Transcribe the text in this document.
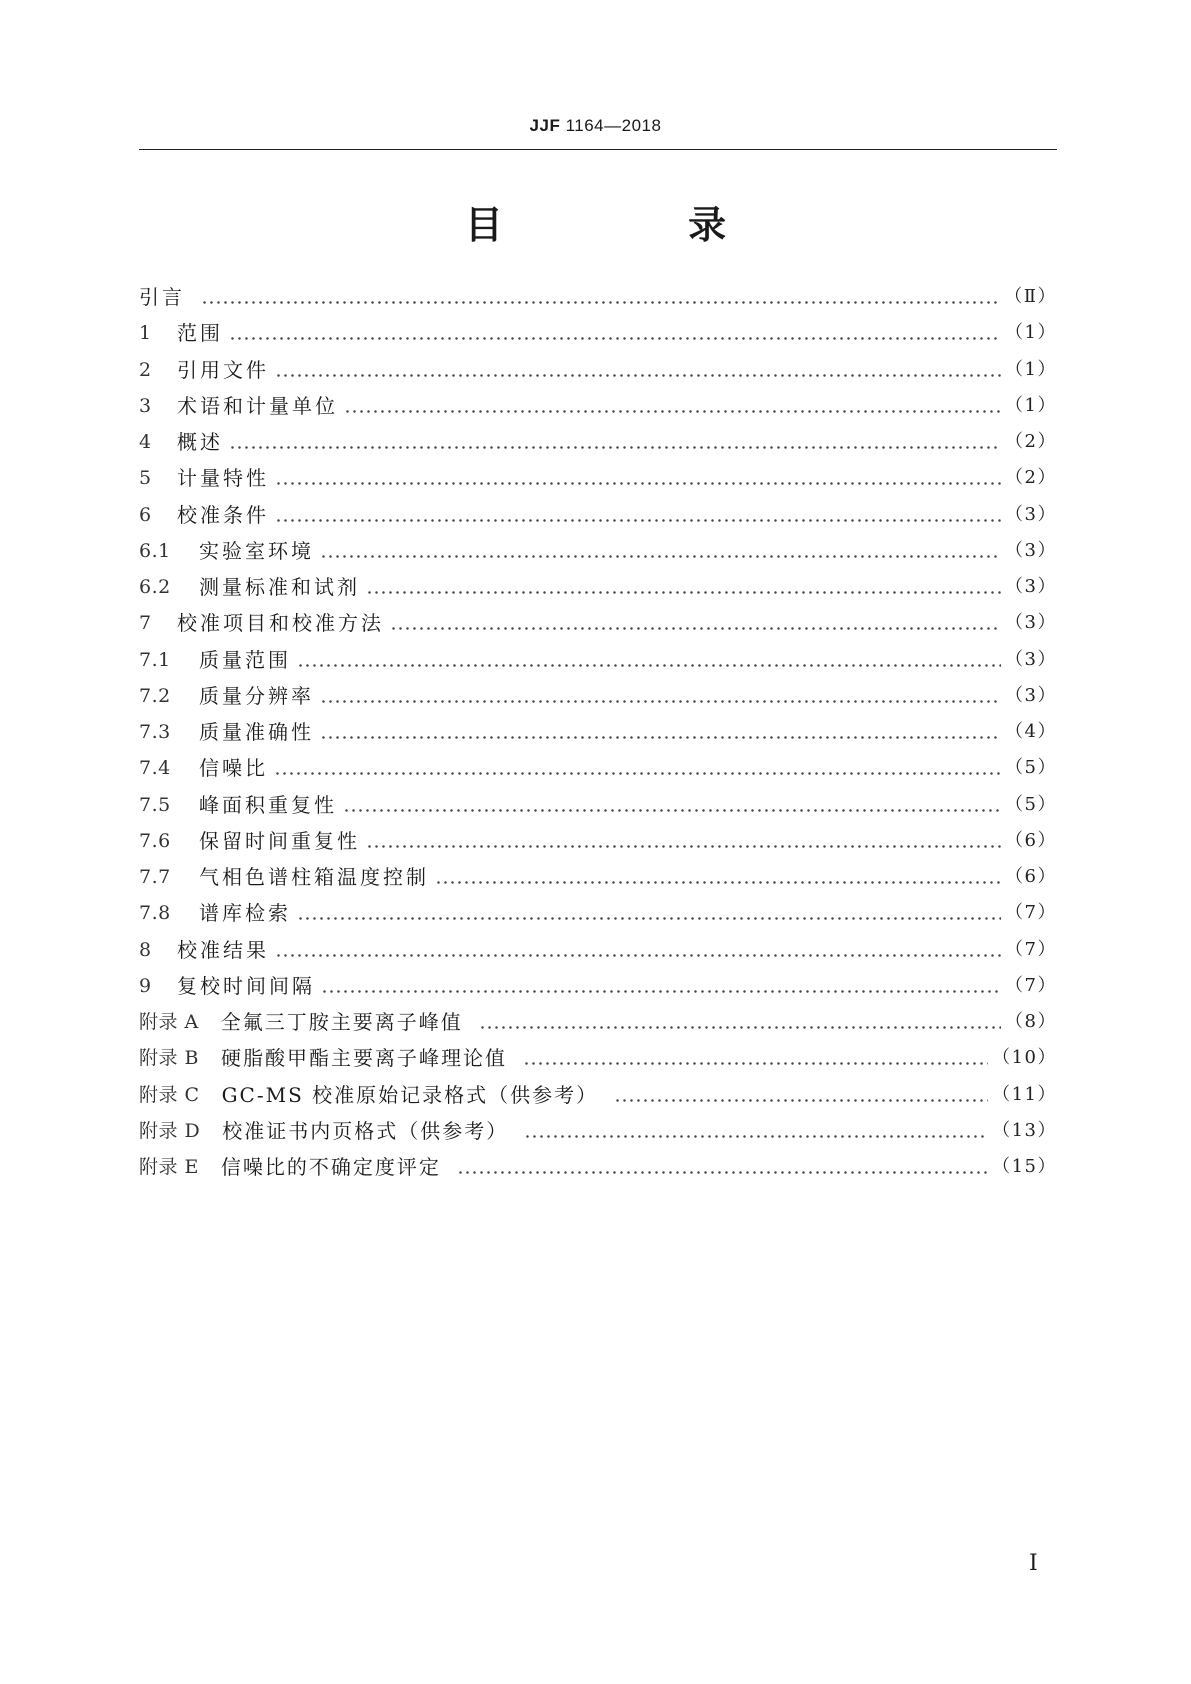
JJF 1164—2018
目 录
引言	（Ⅱ）
1	范围	（1）
2	引用文件	（1）
3	术语和计量单位	（1）
4	概述	（2）
5	计量特性	（2）
6	校准条件	（3）
6.1	实验室环境	（3）
6.2	测量标准和试剂	（3）
7	校准项目和校准方法	（3）
7.1	质量范围	（3）
7.2	质量分辨率	（3）
7.3	质量准确性	（4）
7.4	信噪比	（5）
7.5	峰面积重复性	（5）
7.6	保留时间重复性	（6）
7.7	气相色谱柱箱温度控制	（6）
7.8	谱库检索	（7）
8	校准结果	（7）
9	复校时间间隔	（7）
附录 A 全氟三丁胺主要离子峰值	（8）
附录 B 硬脂酸甲酯主要离子峰理论值	（10）
附录 C GC-MS 校准原始记录格式（供参考）	（11）
附录 D 校准证书内页格式（供参考）	（13）
附录 E 信噪比的不确定度评定	（15）
Ⅰ
